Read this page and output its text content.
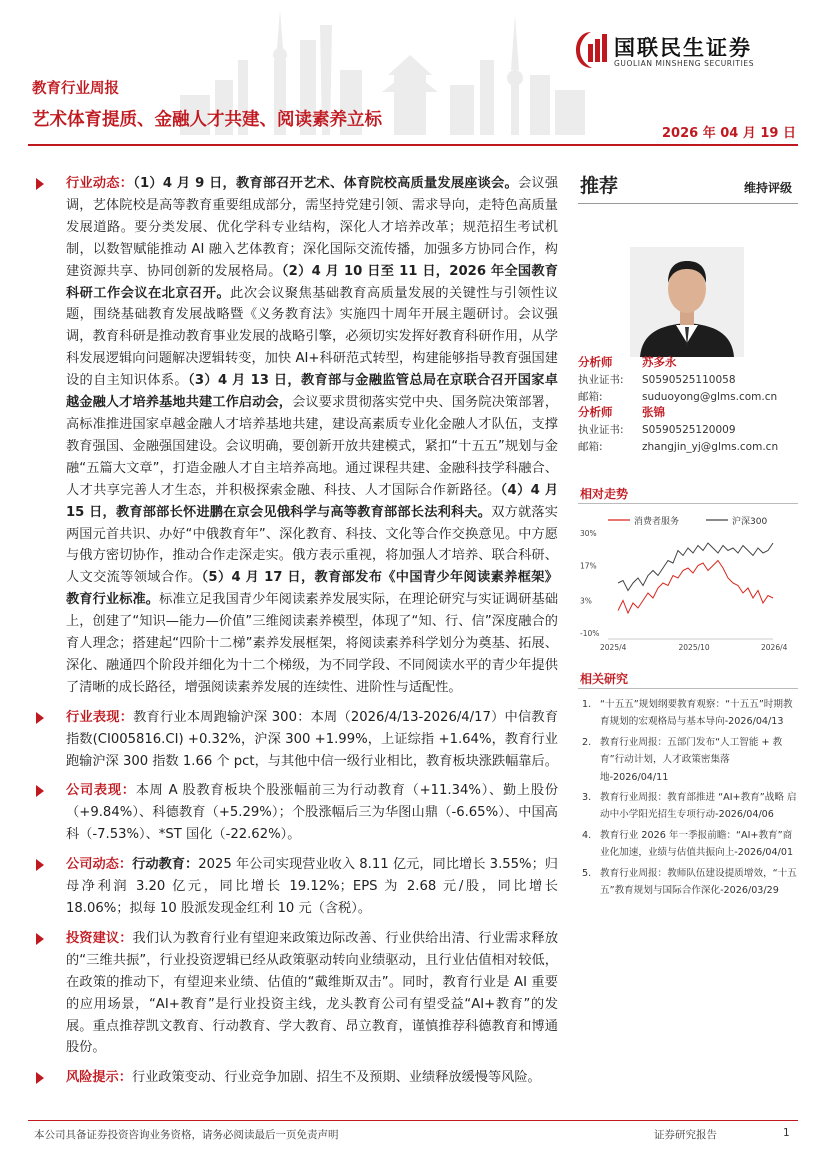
国联民生证券
GUOLIAN MINSHENG SECURITIES
教育行业周报
艺术体育提质、金融人才共建、阅读素养立标
2026 年 04 月 19 日
行业动态：（1）4 月 9 日，教育部召开艺术、体育院校高质量发展座谈会。会议强调，艺体院校是高等教育重要组成部分，需坚持党建引领、需求导向，走特色高质量发展道路。要分类发展、优化学科专业结构，深化人才培养改革；规范招生考试机制，以数智赋能推动 AI 融入艺体教育；深化国际交流传播，加强多方协同合作，构建资源共享、协同创新的发展格局。（2）4 月 10 日至 11 日，2026 年全国教育科研工作会议在北京召开。此次会议聚焦基础教育高质量发展的关键性与引领性议题，围绕基础教育发展战略暨《义务教育法》实施四十周年开展主题研讨。会议强调，教育科研是推动教育事业发展的战略引擎，必须切实发挥好教育科研作用，从学科发展逻辑向问题解决逻辑转变，加快 AI+科研范式转型，构建能够指导教育强国建设的自主知识体系。（3）4 月 13 日，教育部与金融监管总局在京联合召开国家卓越金融人才培养基地共建工作启动会，会议要求贯彻落实党中央、国务院决策部署，高标准推进国家卓越金融人才培养基地共建，建设高素质专业化金融人才队伍，支撑教育强国、金融强国建设。会议明确，要创新开放共建模式，紧扣“十五五”规划与金融“五篇大文章”，打造金融人才自主培养高地。通过课程共建、金融科技学科融合、人才共享完善人才生态，并积极探索金融、科技、人才国际合作新路径。（4）4 月 15 日，教育部部长怀进鹏在京会见俄科学与高等教育部部长法利科夫。双方就落实两国元首共识、办好“中俄教育年”、深化教育、科技、文化等合作交换意见。中方愿与俄方密切协作，推动合作走深走实。俄方表示重视，将加强人才培养、联合科研、人文交流等领域合作。（5）4 月 17 日，教育部发布《中国青少年阅读素养框架》教育行业标准。标准立足我国青少年阅读素养发展实际，在理论研究与实证调研基础上，创建了“知识—能力—价值”三维阅读素养模型，体现了“知、行、信”深度融合的育人理念；搭建起“四阶十二梯”素养发展框架，将阅读素养科学划分为奠基、拓展、深化、融通四个阶段并细化为十二个梯级，为不同学段、不同阅读水平的青少年提供了清晰的成长路径，增强阅读素养发展的连续性、进阶性与适配性。
行业表现：教育行业本周跑输沪深 300：本周（2026/4/13-2026/4/17）中信教育指数(CI005816.CI) +0.32%，沪深 300 +1.99%，上证综指 +1.64%，教育行业跑输沪深 300 指数 1.66 个 pct，与其他中信一级行业相比，教育板块涨跌幅靠后。
公司表现：本周 A 股教育板块个股涨幅前三为行动教育（+11.34%）、勤上股份（+9.84%）、科德教育（+5.29%）；个股涨幅后三为华图山鼎（-6.65%）、中国高科（-7.53%）、*ST 国化（-22.62%）。
公司动态：行动教育：2025 年公司实现营业收入 8.11 亿元，同比增长 3.55%；归母净利润 3.20 亿元，同比增长 19.12%；EPS 为 2.68 元/股，同比增长 18.06%；拟每 10 股派发现金红利 10 元（含税）。
投资建议：我们认为教育行业有望迎来政策边际改善、行业供给出清、行业需求释放的“三维共振”，行业投资逻辑已经从政策驱动转向业绩驱动，且行业估值相对较低，在政策的推动下，有望迎来业绩、估值的“戴维斯双击”。同时，教育行业是 AI 重要的应用场景，“AI+教育”是行业投资主线，龙头教育公司有望受益“AI+教育”的发展。重点推荐凯文教育、行动教育、学大教育、昂立教育，谨慎推荐科德教育和博通股份。
风险提示：行业政策变动、行业竞争加剧、招生不及预期、业绩释放缓慢等风险。
推荐	维持评级
分析师	苏多永
执业证书: S0590525110058
邮箱:	suduoyong@glms.com.cn
分析师	张锦
执业证书: S0590525120009
邮箱:	zhangjin_yj@glms.com.cn
相对走势
消费者服务	沪深300
30%
17%
3%
-10%
2025/4	2025/10	2026/4
相关研究
1. “十五五”规划纲要教育观察：“十五五”时期教育规划的宏观格局与基本导向-2026/04/13
2. 教育行业周报：五部门发布“人工智能 + 教育”行动计划，人才政策密集落地-2026/04/11
3. 教育行业周报：教育部推进 “AI+教育”战略 启动中小学阳光招生专项行动-2026/04/06
4. 教育行业 2026 年一季报前瞻：“AI+教育”商业化加速，业绩与估值共振向上-2026/04/01
5. 教育行业周报：教师队伍建设提质增效，“十五五”教育规划与国际合作深化-2026/03/29
本公司具备证券投资咨询业务资格，请务必阅读最后一页免责声明	证券研究报告	1
